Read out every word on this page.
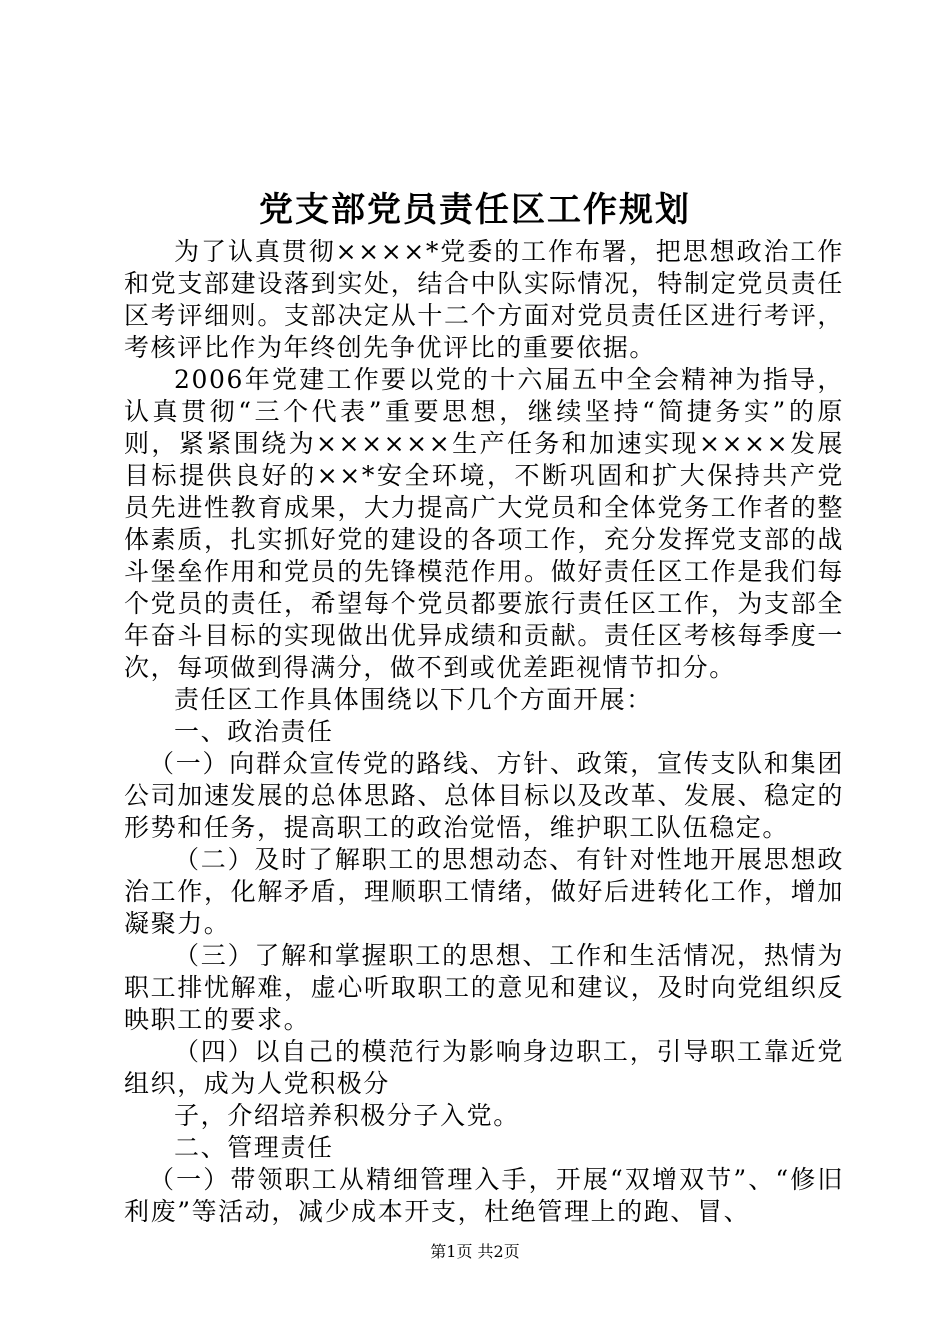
党支部党员责任区工作规划

为了认真贯彻××××*党委的工作布署，把思想政治工作和党支部建设落到实处，结合中队实际情况，特制定党员责任区考评细则。支部决定从十二个方面对党员责任区进行考评，考核评比作为年终创先争优评比的重要依据。

2006年党建工作要以党的十六届五中全会精神为指导，认真贯彻“三个代表”重要思想，继续坚持“简捷务实”的原则，紧紧围绕为××××××生产任务和加速实现××××发展目标提供良好的××*安全环境，不断巩固和扩大保持共产党员先进性教育成果，大力提高广大党员和全体党务工作者的整体素质，扎实抓好党的建设的各项工作，充分发挥党支部的战斗堡垒作用和党员的先锋模范作用。做好责任区工作是我们每个党员的责任，希望每个党员都要旅行责任区工作，为支部全年奋斗目标的实现做出优异成绩和贡献。责任区考核每季度一次，每项做到得满分，做不到或优差距视情节扣分。

责任区工作具体围绕以下几个方面开展：

一、政治责任

（一）向群众宣传党的路线、方针、政策，宣传支队和集团公司加速发展的总体思路、总体目标以及改革、发展、稳定的形势和任务，提高职工的政治觉悟，维护职工队伍稳定。

（二）及时了解职工的思想动态、有针对性地开展思想政治工作，化解矛盾，理顺职工情绪，做好后进转化工作，增加凝聚力。

（三）了解和掌握职工的思想、工作和生活情况，热情为职工排忧解难，虚心听取职工的意见和建议，及时向党组织反映职工的要求。

（四）以自己的模范行为影响身边职工，引导职工靠近党组织，成为人党积极分

子，介绍培养积极分子入党。

二、管理责任

（一）带领职工从精细管理入手，开展“双增双节”、“修旧利废”等活动，减少成本开支，杜绝管理上的跑、冒、

第1页 共2页
